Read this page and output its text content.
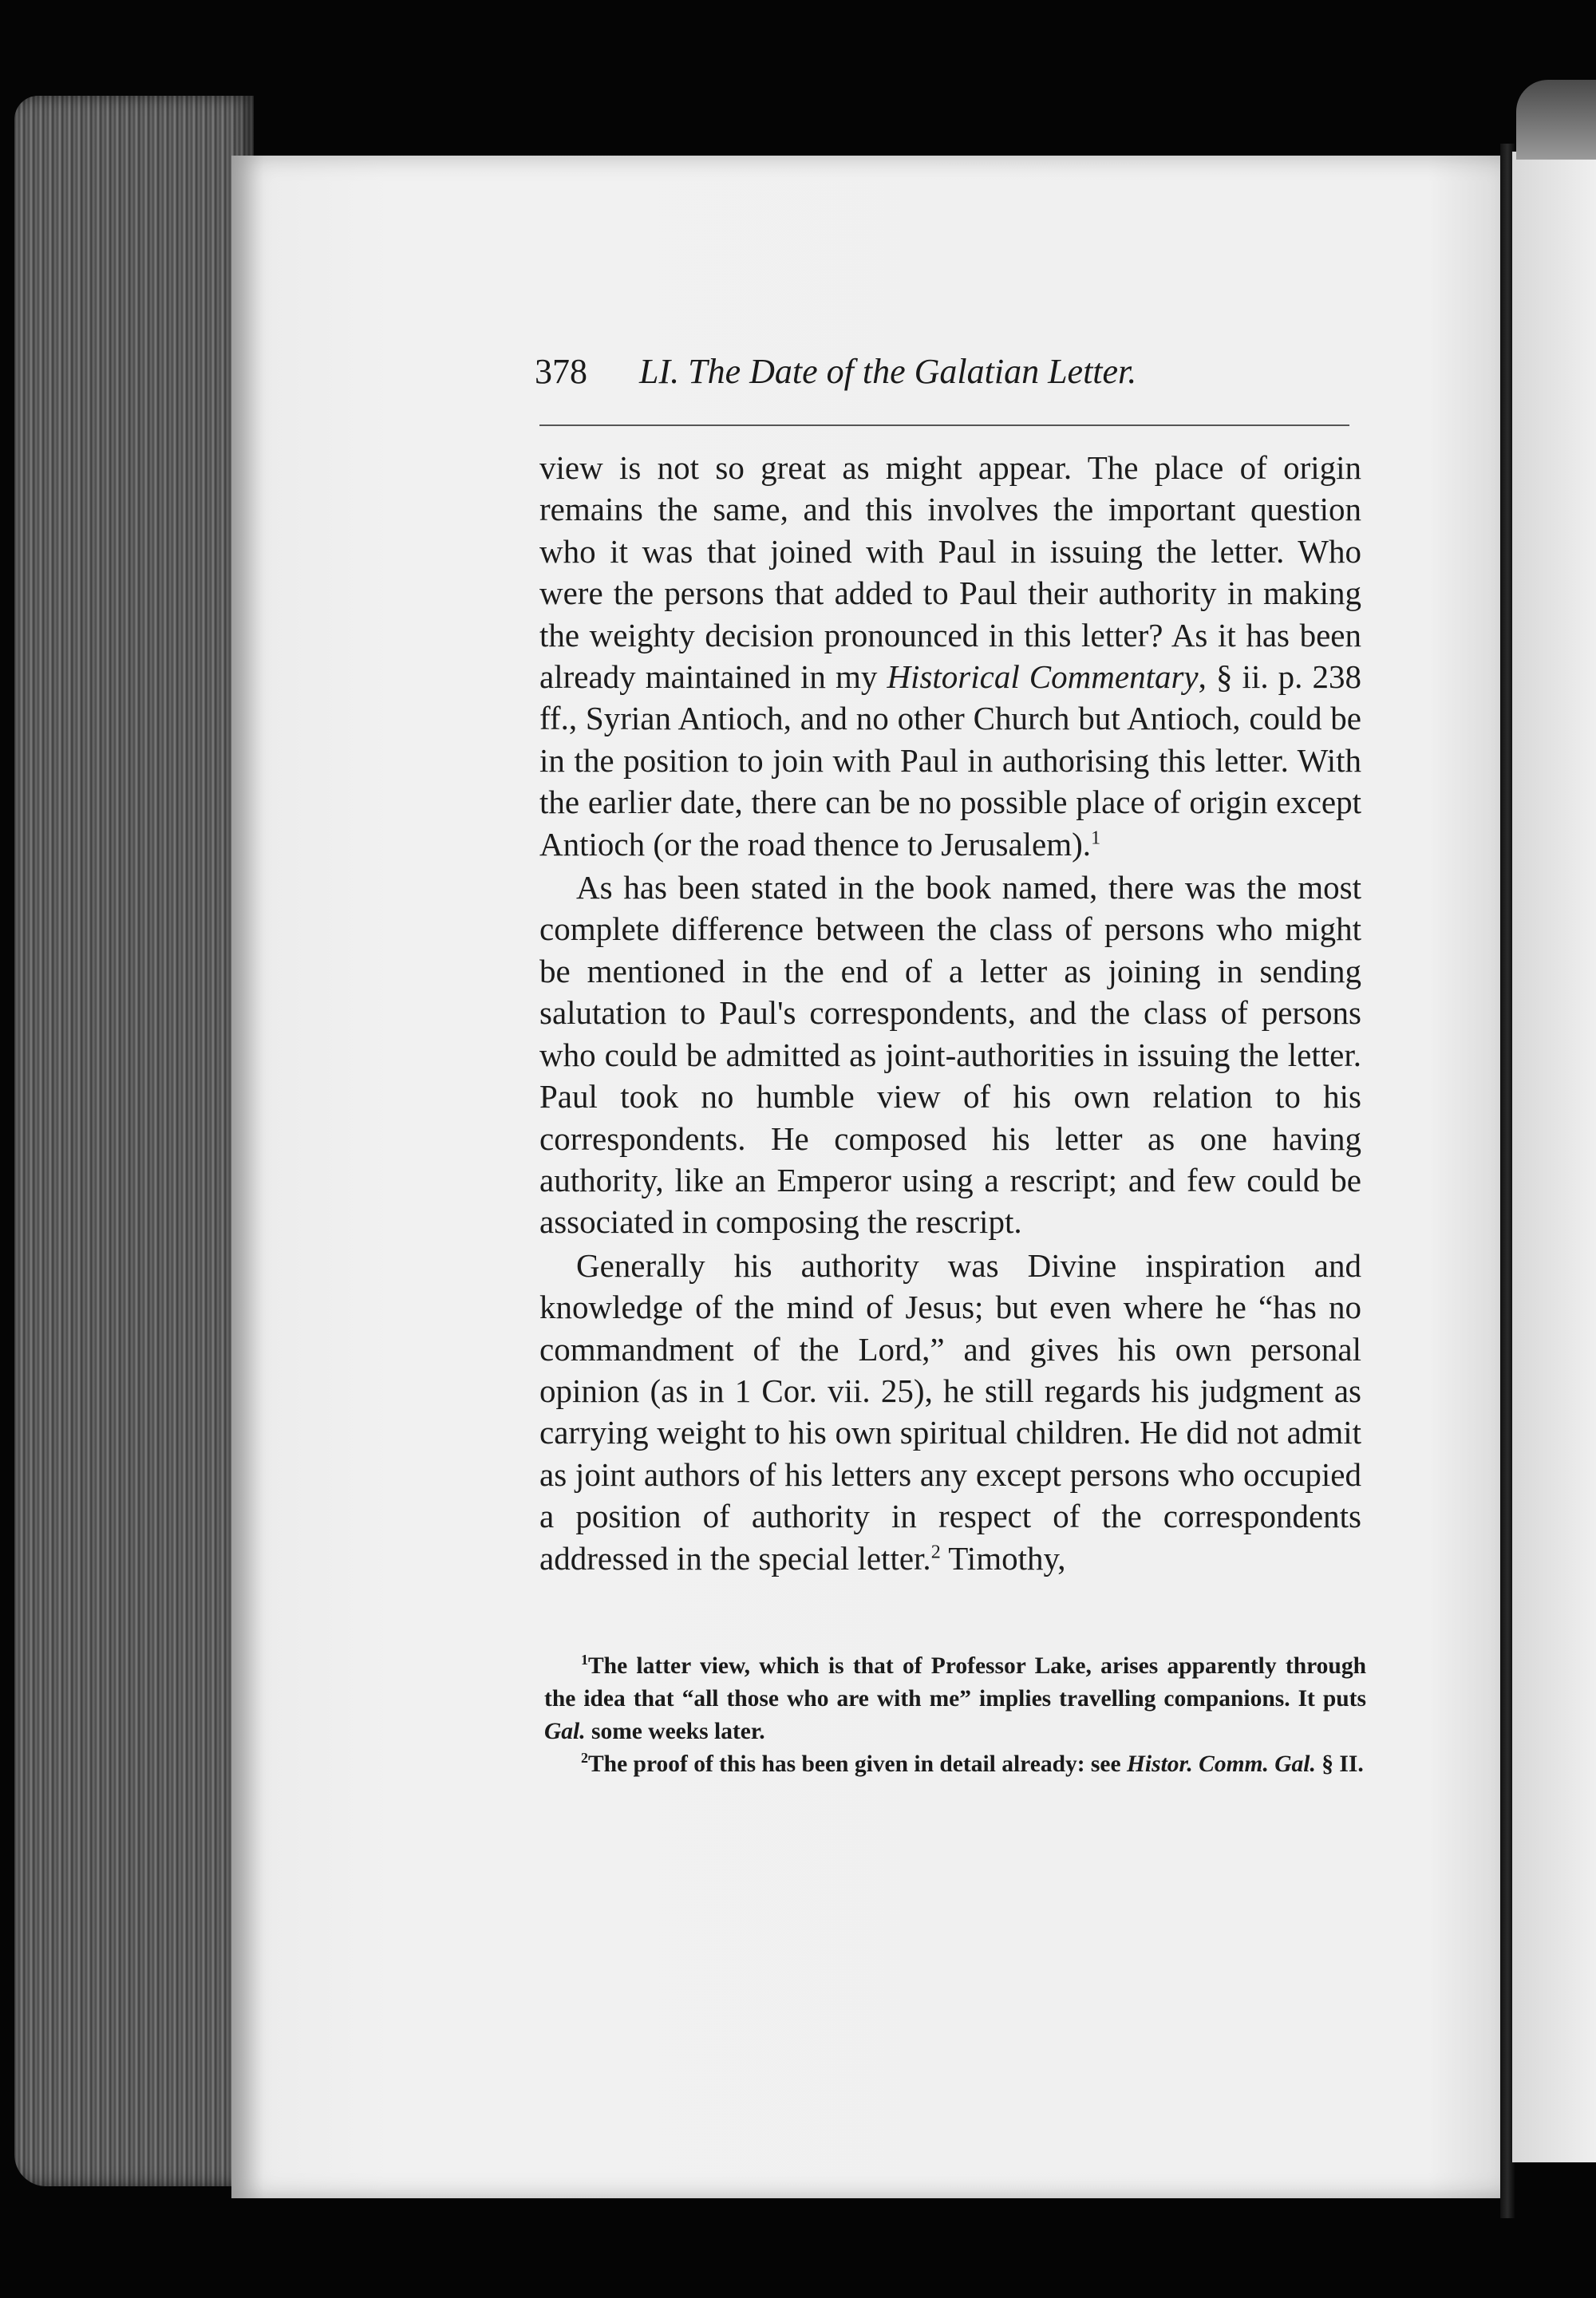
378 LI. The Date of the Galatian Letter.

view is not so great as might appear. The place of origin remains the same, and this involves the important question who it was that joined with Paul in issuing the letter. Who were the persons that added to Paul their authority in making the weighty decision pronounced in this letter? As it has been already maintained in my Historical Commentary, § ii. p. 238 ff., Syrian Antioch, and no other Church but Antioch, could be in the position to join with Paul in authorising this letter. With the earlier date, there can be no possible place of origin except Antioch (or the road thence to Jerusalem).$^1$

As has been stated in the book named, there was the most complete difference between the class of persons who might be mentioned in the end of a letter as joining in sending salutation to Paul's correspondents, and the class of persons who could be admitted as joint-authorities in issuing the letter. Paul took no humble view of his own relation to his correspondents. He composed his letter as one having authority, like an Emperor using a rescript; and few could be associated in composing the rescript.

Generally his authority was Divine inspiration and knowledge of the mind of Jesus; but even where he “has no commandment of the Lord,” and gives his own personal opinion (as in 1 Cor. vii. 25), he still regards his judgment as carrying weight to his own spiritual children. He did not admit as joint authors of his letters any except persons who occupied a position of authority in respect of the correspondents addressed in the special letter.$^2$ Timothy,

$^1$The latter view, which is that of Professor Lake, arises apparently through the idea that “all those who are with me” implies travelling companions. It puts Gal. some weeks later.

$^2$The proof of this has been given in detail already: see Histor. Comm. Gal. § II.
